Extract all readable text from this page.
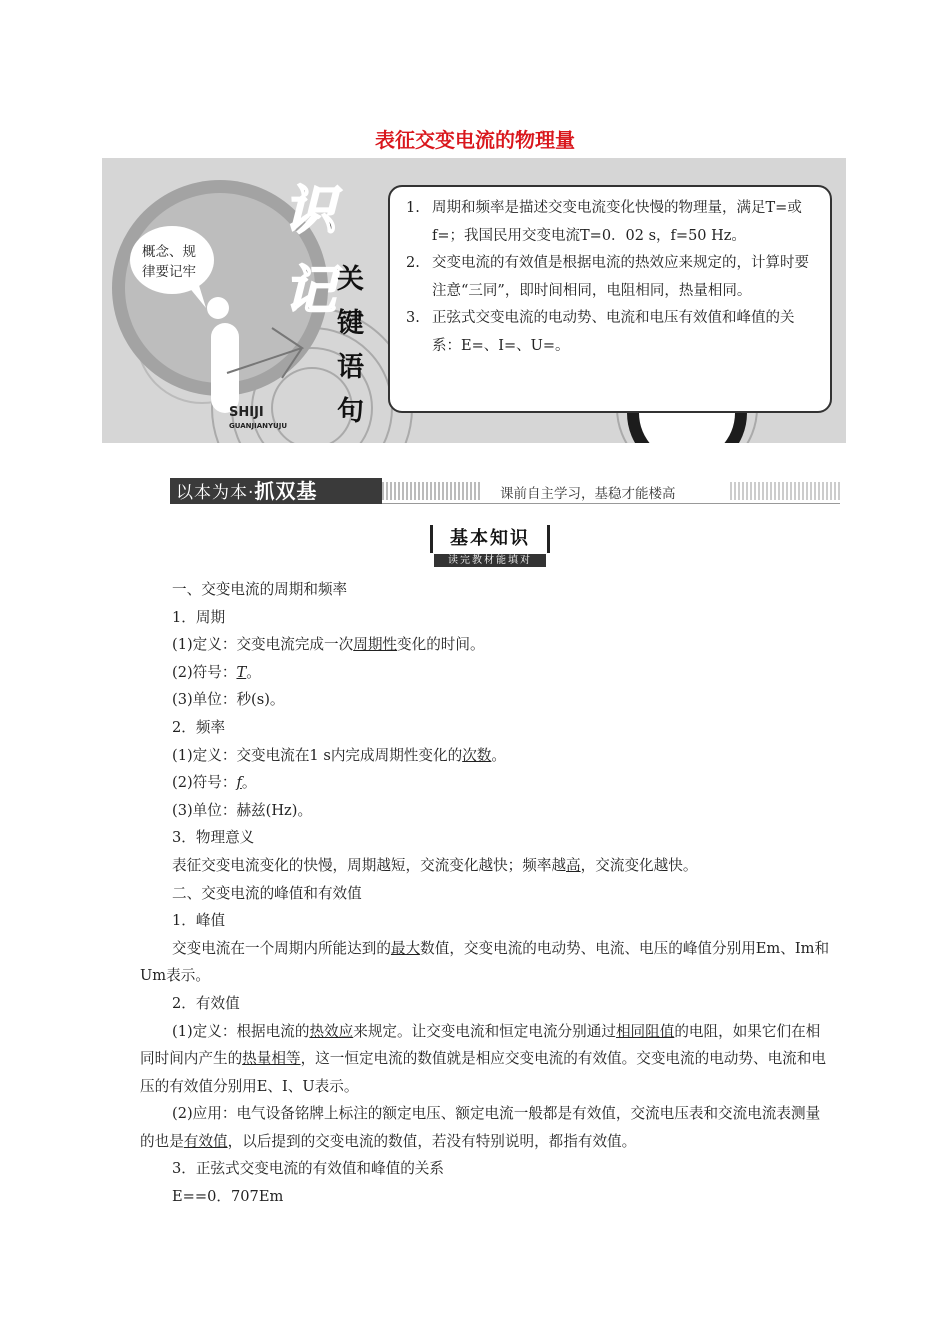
表征交变电流的物理量
概念、规律要记牢
识
记 关
键
语
句
SHIJI
GUANJIANYUJU
1. 周期和频率是描述交变电流变化快慢的物理量，满足T=或f=；我国民用交变电流T=0．02 s，f=50 Hz。
2. 交变电流的有效值是根据电流的热效应来规定的，计算时要注意“三同”，即时间相同，电阻相同，热量相同。
3. 正弦式交变电流的电动势、电流和电压有效值和峰值的关系：E=、I=、U=。
以本为本·抓双基	课前自主学习，基稳才能楼高
基本知识
读完教材能填对

一、交变电流的周期和频率

1．周期

(1)定义：交变电流完成一次周期性变化的时间。

(2)符号：T。

(3)单位：秒(s)。

2．频率

(1)定义：交变电流在1 s内完成周期性变化的次数。

(2)符号：f。

(3)单位：赫兹(Hz)。

3．物理意义

表征交变电流变化的快慢，周期越短，交流变化越快；频率越高，交流变化越快。

二、交变电流的峰值和有效值

1．峰值

交变电流在一个周期内所能达到的最大数值，交变电流的电动势、电流、电压的峰值分别用Em、Im和Um表示。

2．有效值

(1)定义：根据电流的热效应来规定。让交变电流和恒定电流分别通过相同阻值的电阻，如果它们在相同时间内产生的热量相等，这一恒定电流的数值就是相应交变电流的有效值。交变电流的电动势、电流和电压的有效值分别用E、I、U表示。

(2)应用：电气设备铭牌上标注的额定电压、额定电流一般都是有效值，交流电压表和交流电流表测量的也是有效值，以后提到的交变电流的数值，若没有特别说明，都指有效值。

3．正弦式交变电流的有效值和峰值的关系

E==0．707Em
